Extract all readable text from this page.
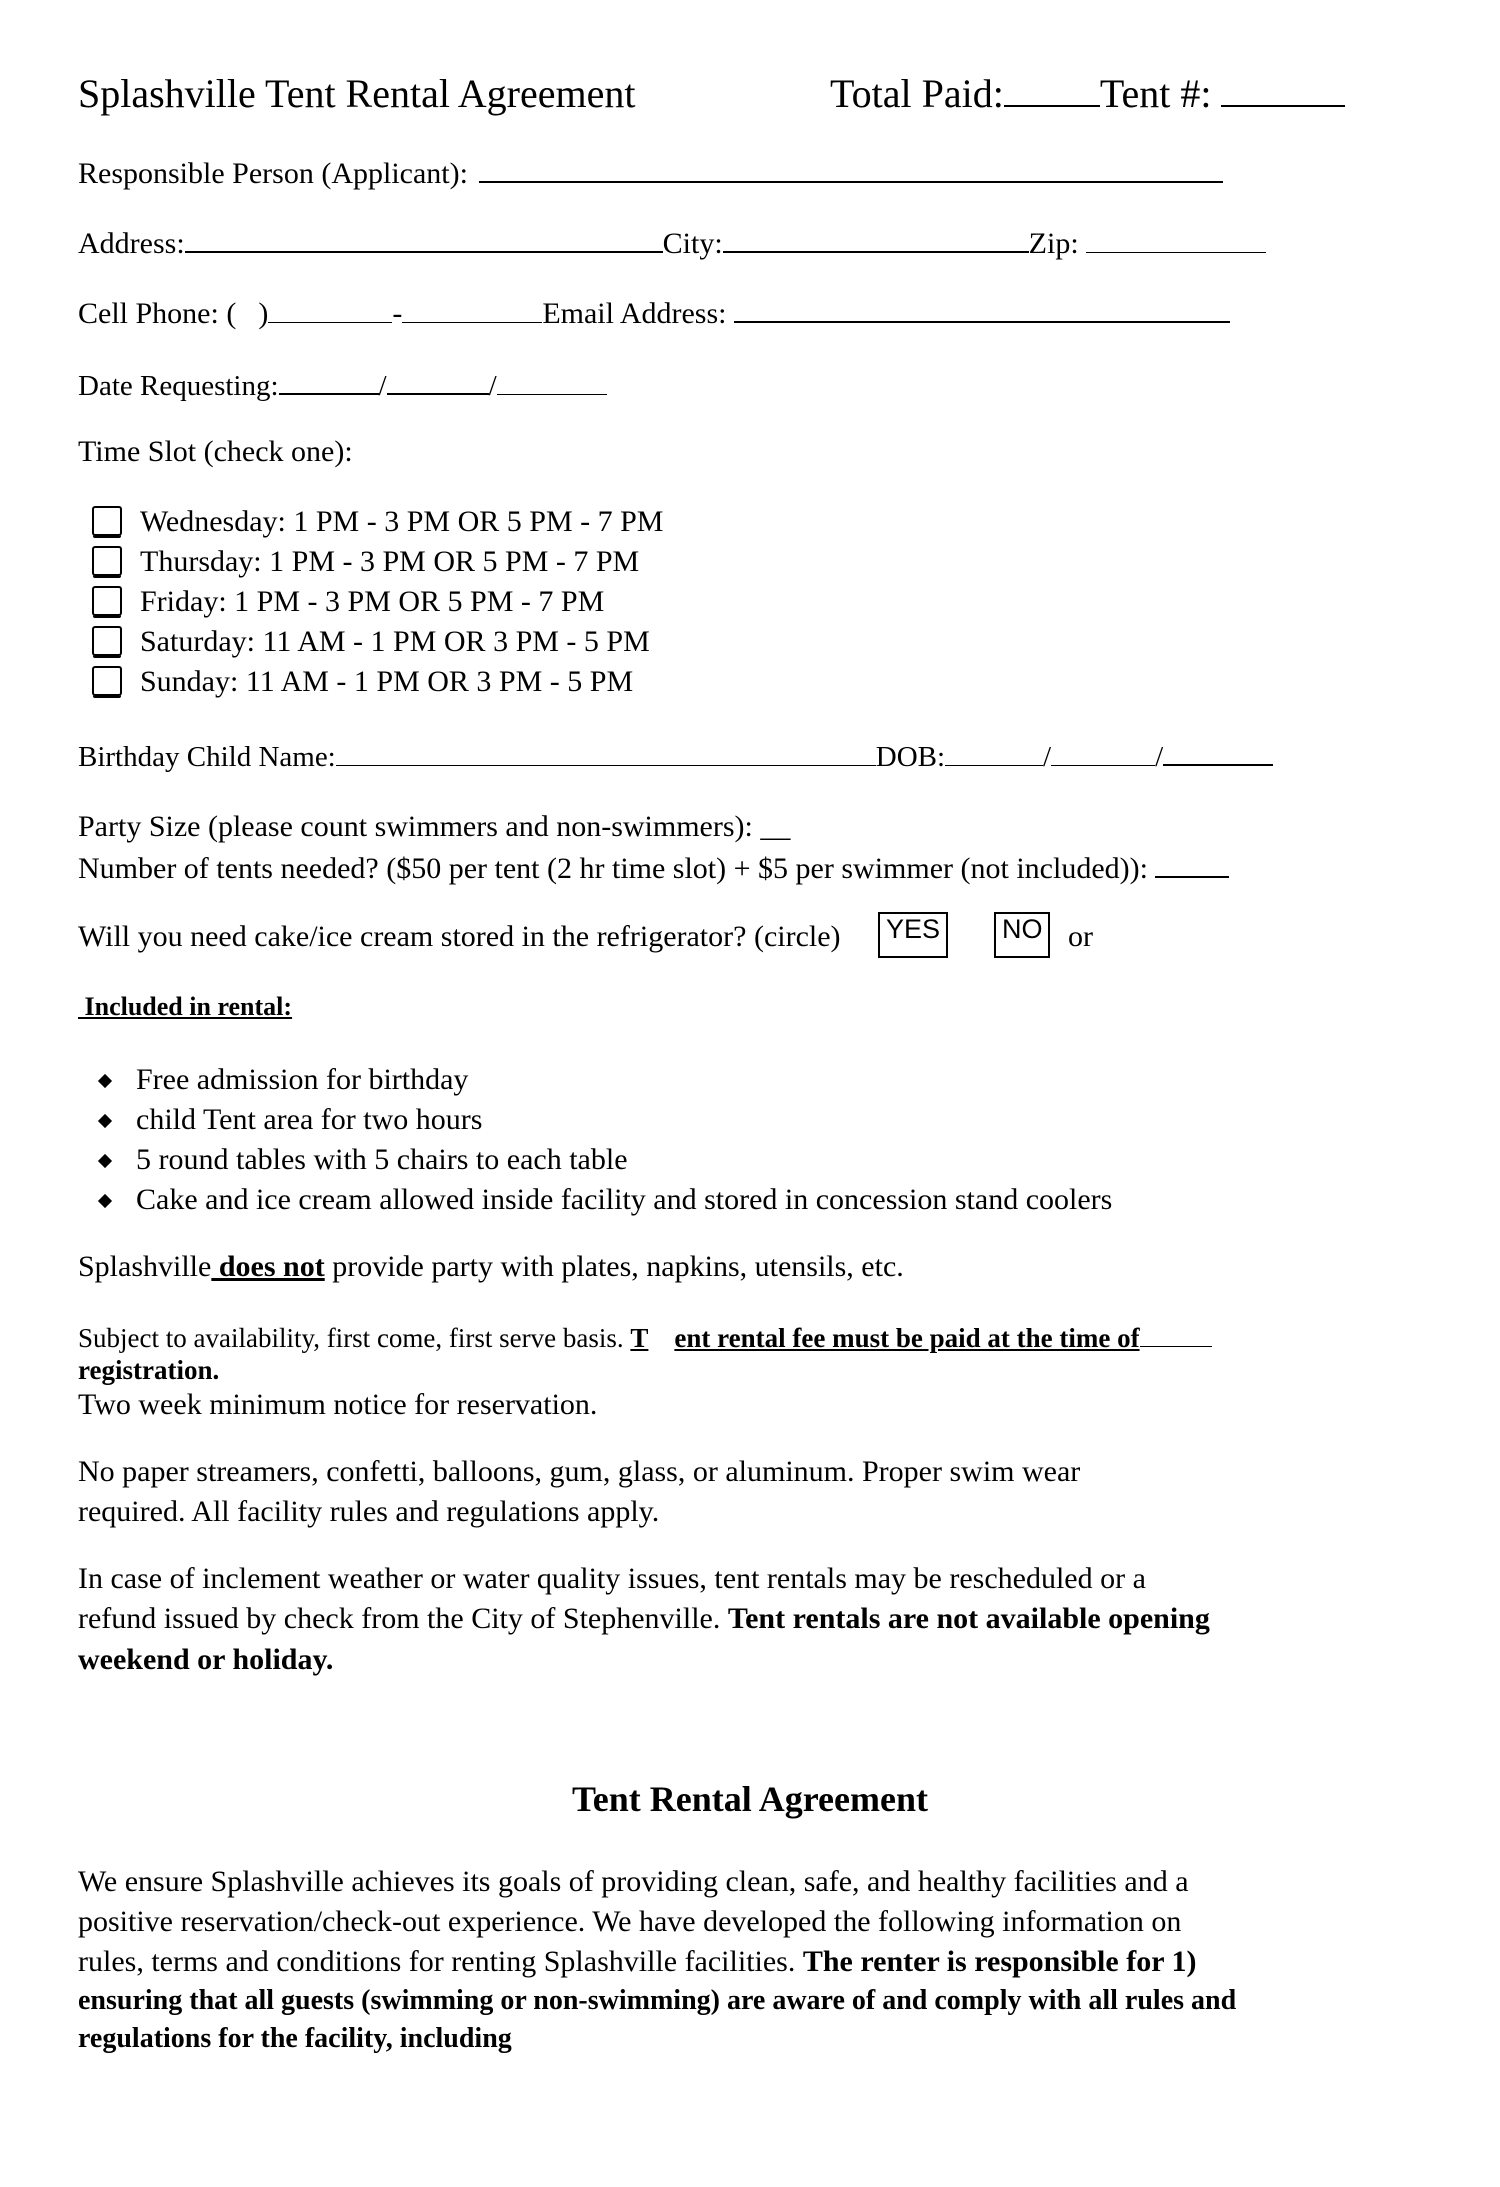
Splashville Tent Rental Agreement	Total Paid: Tent #:
Responsible Person (Applicant):
Address:	City:	Zip:
Cell Phone: ( )	-	Email Address:
Date Requesting:	/	/
Time Slot (check one):
Wednesday: 1 PM - 3 PM OR 5 PM - 7 PM
Thursday: 1 PM - 3 PM OR 5 PM - 7 PM
Friday: 1 PM - 3 PM OR 5 PM - 7 PM
Saturday: 11 AM - 1 PM OR 3 PM - 5 PM
Sunday: 11 AM - 1 PM OR 3 PM - 5 PM
Birthday Child Name:	DOB:	/	/
Party Size (please count swimmers and non-swimmers): __
Number of tents needed? ($50 per tent (2 hr time slot) + $5 per swimmer (not included)):
Will you need cake/ice cream stored in the refrigerator? (circle) YES NO or
Included in rental:
Free admission for birthday
child Tent area for two hours
5 round tables with 5 chairs to each table
Cake and ice cream allowed inside facility and stored in concession stand coolers
Splashville does not provide party with plates, napkins, utensils, etc.
Subject to availability, first come, first serve basis. T ent rental fee must be paid at the time of
registration.
Two week minimum notice for reservation.
No paper streamers, confetti, balloons, gum, glass, or aluminum. Proper swim wear
required. All facility rules and regulations apply.
In case of inclement weather or water quality issues, tent rentals may be rescheduled or a
refund issued by check from the City of Stephenville. Tent rentals are not available opening
weekend or holiday.
Tent Rental Agreement
We ensure Splashville achieves its goals of providing clean, safe, and healthy facilities and a
positive reservation/check-out experience. We have developed the following information on
rules, terms and conditions for renting Splashville facilities. The renter is responsible for 1)
ensuring that all guests (swimming or non-swimming) are aware of and comply with all rules and
regulations for the facility, including
